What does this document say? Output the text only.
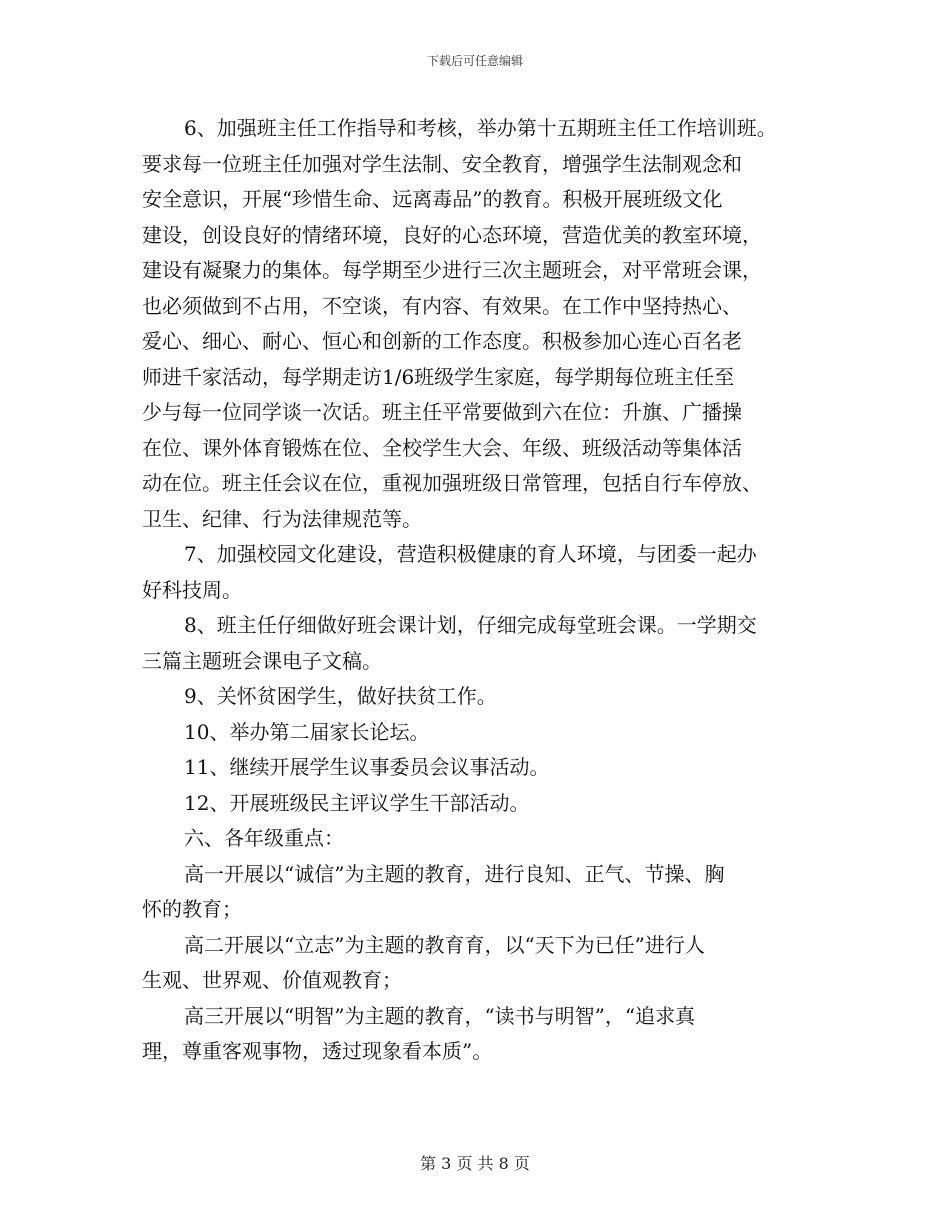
下载后可任意编辑
6、加强班主任工作指导和考核，举办第十五期班主任工作培训班。
要求每一位班主任加强对学生法制、安全教育，增强学生法制观念和
安全意识，开展“珍惜生命、远离毒品”的教育。积极开展班级文化
建设，创设良好的情绪环境，良好的心态环境，营造优美的教室环境，
建设有凝聚力的集体。每学期至少进行三次主题班会，对平常班会课，
也必须做到不占用，不空谈，有内容、有效果。在工作中坚持热心、
爱心、细心、耐心、恒心和创新的工作态度。积极参加心连心百名老
师进千家活动，每学期走访1/6班级学生家庭，每学期每位班主任至
少与每一位同学谈一次话。班主任平常要做到六在位：升旗、广播操
在位、课外体育锻炼在位、全校学生大会、年级、班级活动等集体活
动在位。班主任会议在位，重视加强班级日常管理，包括自行车停放、
卫生、纪律、行为法律规范等。
7、加强校园文化建设，营造积极健康的育人环境，与团委一起办
好科技周。
8、班主任仔细做好班会课计划，仔细完成每堂班会课。一学期交
三篇主题班会课电子文稿。
9、关怀贫困学生，做好扶贫工作。
10、举办第二届家长论坛。
11、继续开展学生议事委员会议事活动。
12、开展班级民主评议学生干部活动。
六、各年级重点：
高一开展以“诚信”为主题的教育，进行良知、正气、节操、胸
怀的教育；
高二开展以“立志”为主题的教育育，以“天下为已任”进行人
生观、世界观、价值观教育；
高三开展以“明智”为主题的教育，“读书与明智”，“追求真
理，尊重客观事物，透过现象看本质”。
第 3 页 共 8 页
